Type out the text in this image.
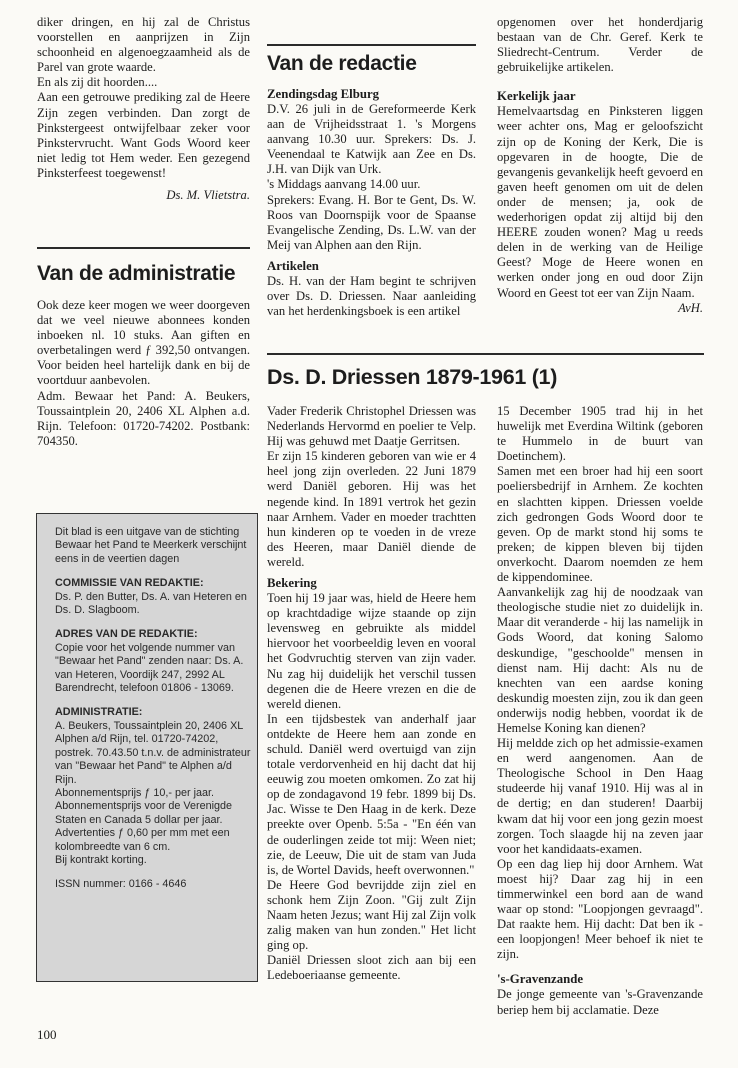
diker dringen, en hij zal de Christus voorstellen en aanprijzen in Zijn schoonheid en algenoegzaamheid als de Parel van grote waarde.

En als zij dit hoorden....

Aan een getrouwe prediking zal de Heere Zijn zegen verbinden. Dan zorgt de Pinkstergeest ontwijfelbaar zeker voor Pinkstervrucht. Want Gods Woord keer niet ledig tot Hem weder. Een gezegend Pinksterfeest toegewenst!

Ds. M. Vlietstra.

Van de administratie

Ook deze keer mogen we weer doorgeven dat we veel nieuwe abonnees konden inboeken nl. 10 stuks. Aan giften en overbetalingen werd ƒ 392,50 ontvangen. Voor beiden heel hartelijk dank en bij de voortduur aanbevolen.

Adm. Bewaar het Pand: A. Beukers, Toussaintplein 20, 2406 XL Alphen a.d. Rijn. Telefoon: 01720-74202. Postbank: 704350.

Dit blad is een uitgave van de stichting Bewaar het Pand te Meerkerk verschijnt eens in de veertien dagen

COMMISSIE VAN REDAKTIE:

Ds. P. den Butter, Ds. A. van Heteren en Ds. D. Slagboom.

ADRES VAN DE REDAKTIE:

Copie voor het volgende nummer van "Bewaar het Pand" zenden naar: Ds. A. van Heteren, Voordijk 247, 2992 AL Barendrecht, telefoon 01806 - 13069.

ADMINISTRATIE:

A. Beukers, Toussaintplein 20, 2406 XL Alphen a/d Rijn, tel. 01720-74202, postrek. 70.43.50 t.n.v. de administrateur van "Bewaar het Pand" te Alphen a/d Rijn.

Abonnementsprijs ƒ 10,- per jaar.

Abonnementsprijs voor de Verenigde Staten en Canada 5 dollar per jaar.

Advertenties ƒ 0,60 per mm met een kolombreedte van 6 cm.

Bij kontrakt korting.

ISSN nummer: 0166 - 4646

Van de redactie

Zendingsdag Elburg

D.V. 26 juli in de Gereformeerde Kerk aan de Vrijheidsstraat 1. 's Morgens aanvang 10.30 uur. Sprekers: Ds. J. Veenendaal te Katwijk aan Zee en Ds. J.H. van Dijk van Urk.

's Middags aanvang 14.00 uur.

Sprekers: Evang. H. Bor te Gent, Ds. W. Roos van Doornspijk voor de Spaanse Evangelische Zending, Ds. L.W. van der Meij van Alphen aan den Rijn.

Artikelen

Ds. H. van der Ham begint te schrijven over Ds. D. Driessen. Naar aanleiding van het herdenkingsboek is een artikel

opgenomen over het honderdjarig bestaan van de Chr. Geref. Kerk te Sliedrecht-Centrum. Verder de gebruikelijke artikelen.

Kerkelijk jaar

Hemelvaartsdag en Pinksteren liggen weer achter ons, Mag er geloofszicht zijn op de Koning der Kerk, Die is opgevaren in de hoogte, Die de gevangenis gevankelijk heeft gevoerd en gaven heeft genomen om uit de delen onder de mensen; ja, ook de wederhorigen opdat zij altijd bij den HEERE zouden wonen? Mag u reeds delen in de werking van de Heilige Geest? Moge de Heere wonen en werken onder jong en oud door Zijn Woord en Geest tot eer van Zijn Naam.

AvH.

Ds. D. Driessen 1879-1961 (1)

Vader Frederik Christophel Driessen was Nederlands Hervormd en poelier te Velp. Hij was gehuwd met Daatje Gerritsen.

Er zijn 15 kinderen geboren van wie er 4 heel jong zijn overleden. 22 Juni 1879 werd Daniël geboren. Hij was het negende kind. In 1891 vertrok het gezin naar Arnhem. Vader en moeder trachtten hun kinderen op te voeden in de vreze des Heeren, maar Daniël diende de wereld.

Bekering

Toen hij 19 jaar was, hield de Heere hem op krachtdadige wijze staande op zijn levensweg en gebruikte als middel hiervoor het voorbeeldig leven en vooral het Godvruchtig sterven van zijn vader. Nu zag hij duidelijk het verschil tussen degenen die de Heere vrezen en die de wereld dienen.

In een tijdsbestek van anderhalf jaar ontdekte de Heere hem aan zonde en schuld. Daniël werd overtuigd van zijn totale verdorvenheid en hij dacht dat hij eeuwig zou moeten omkomen. Zo zat hij op de zondagavond 19 febr. 1899 bij Ds. Jac. Wisse te Den Haag in de kerk. Deze preekte over Openb. 5:5a - "En één van de ouderlingen zeide tot mij: Ween niet; zie, de Leeuw, Die uit de stam van Juda is, de Wortel Davids, heeft overwonnen."

De Heere God bevrijdde zijn ziel en schonk hem Zijn Zoon. "Gij zult Zijn Naam heten Jezus; want Hij zal Zijn volk zalig maken van hun zonden." Het licht ging op.

Daniël Driessen sloot zich aan bij een Ledeboeriaanse gemeente.

15 December 1905 trad hij in het huwelijk met Everdina Wiltink (geboren te Hummelo in de buurt van Doetinchem).

Samen met een broer had hij een soort poeliersbedrijf in Arnhem. Ze kochten en slachtten kippen. Driessen voelde zich gedrongen Gods Woord door te geven. Op de markt stond hij soms te preken; de kippen bleven bij tijden onverkocht. Daarom noemden ze hem de kippendominee.

Aanvankelijk zag hij de noodzaak van theologische studie niet zo duidelijk in. Maar dit veranderde - hij las namelijk in Gods Woord, dat koning Salomo deskundige, "geschoolde" mensen in dienst nam. Hij dacht: Als nu de knechten van een aardse koning deskundig moesten zijn, zou ik dan geen onderwijs nodig hebben, voordat ik de Hemelse Koning kan dienen?

Hij meldde zich op het admissie-examen en werd aangenomen. Aan de Theologische School in Den Haag studeerde hij vanaf 1910. Hij was al in de dertig; en dan studeren! Daarbij kwam dat hij voor een jong gezin moest zorgen. Toch slaagde hij na zeven jaar voor het kandidaats-examen.

Op een dag liep hij door Arnhem. Wat moest hij? Daar zag hij in een timmerwinkel een bord aan de wand waar op stond: "Loopjongen gevraagd". Dat raakte hem. Hij dacht: Dat ben ik - een loopjongen! Meer behoef ik niet te zijn.

's-Gravenzande

De jonge gemeente van 's-Gravenzande beriep hem bij acclamatie. Deze

100
